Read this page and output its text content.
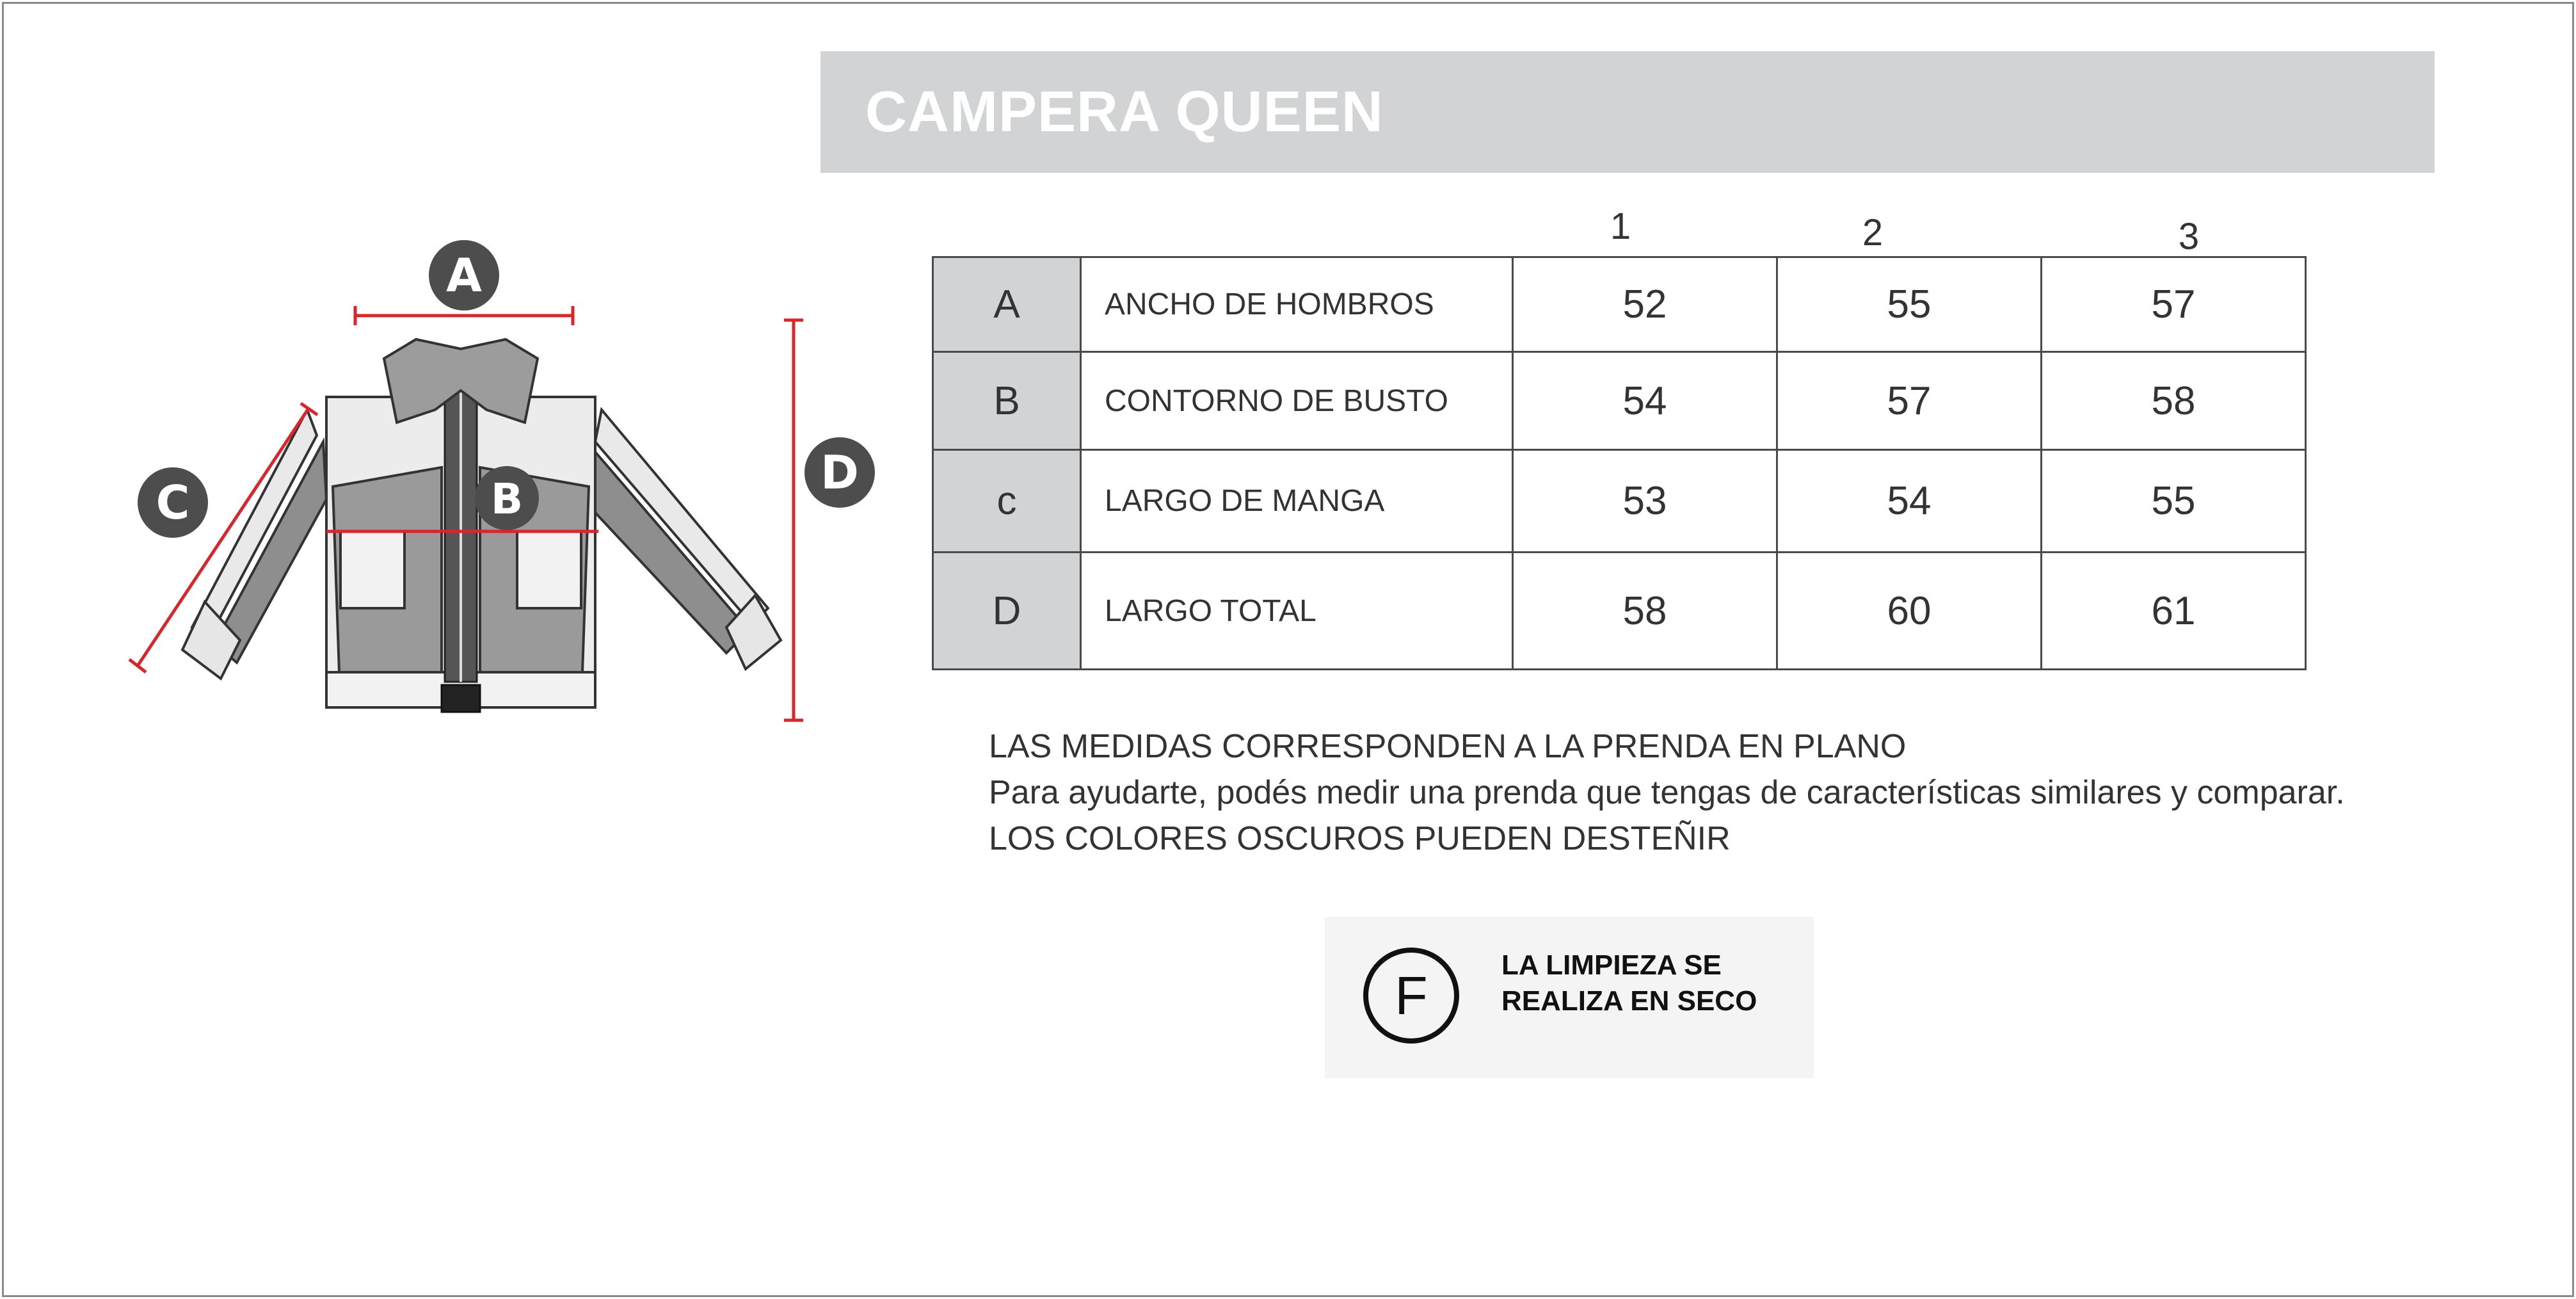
CAMPERA QUEEN
A
B
C
D
1	2	3
A	ANCHO DE HOMBROS	52	55	57
B	CONTORNO DE BUSTO	54	57	58
c	LARGO DE MANGA	53	54	55
D	LARGO TOTAL	58	60	61
LAS MEDIDAS CORRESPONDEN A LA PRENDA EN PLANO
Para ayudarte, podés medir una prenda que tengas de características similares y comparar.
LOS COLORES OSCUROS PUEDEN DESTEÑIR
F	LA LIMPIEZA SE
REALIZA EN SECO
